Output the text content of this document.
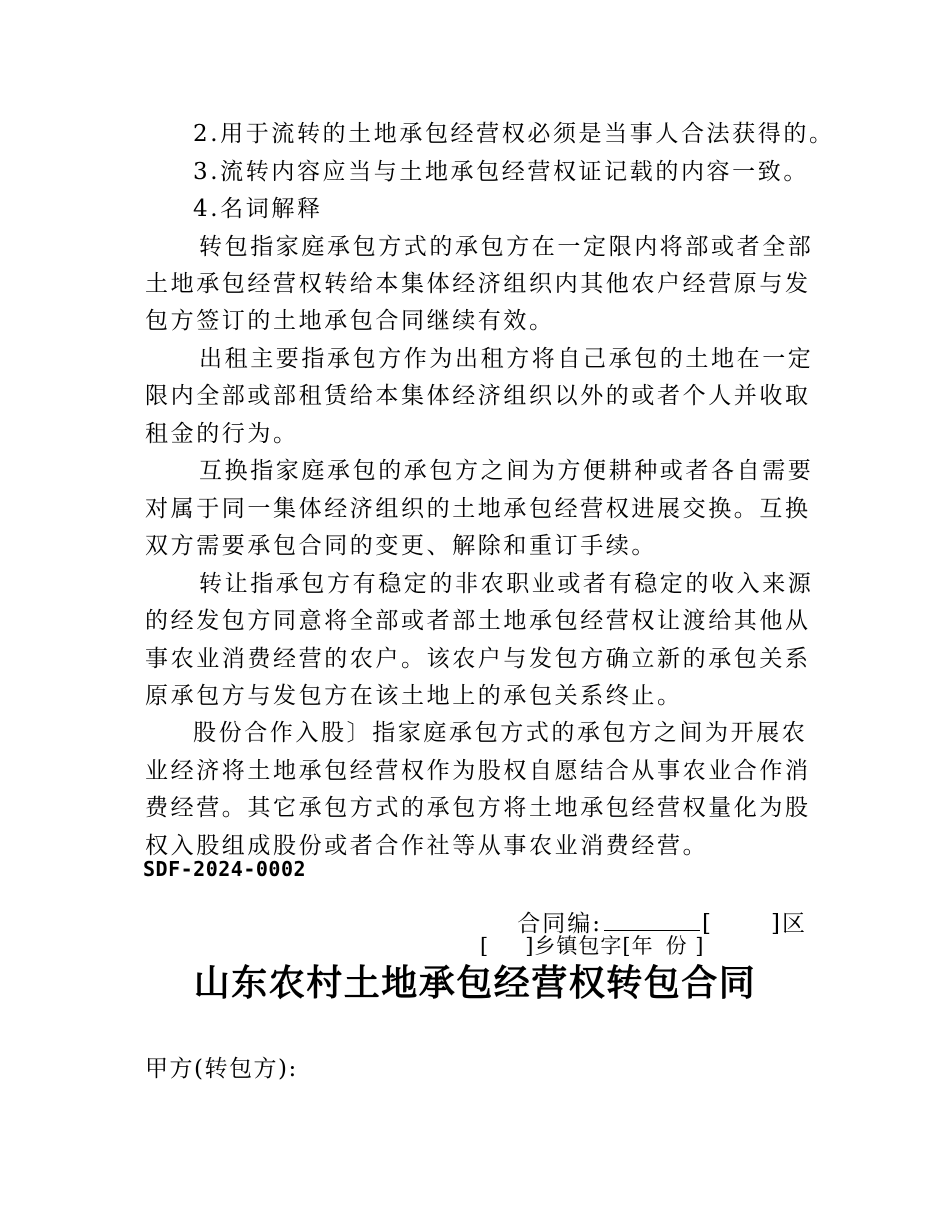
2.用于流转的土地承包经营权必须是当事人合法获得的。
3.流转内容应当与土地承包经营权证记载的内容一致。
4.名词解释
转包指家庭承包方式的承包方在一定限内将部或者全部
土地承包经营权转给本集体经济组织内其他农户经营原与发
包方签订的土地承包合同继续有效。
出租主要指承包方作为出租方将自己承包的土地在一定
限内全部或部租赁给本集体经济组织以外的或者个人并收取
租金的行为。
互换指家庭承包的承包方之间为方便耕种或者各自需要
对属于同一集体经济组织的土地承包经营权进展交换。互换
双方需要承包合同的变更、解除和重订手续。
转让指承包方有稳定的非农职业或者有稳定的收入来源
的经发包方同意将全部或者部土地承包经营权让渡给其他从
事农业消费经营的农户。该农户与发包方确立新的承包关系
原承包方与发包方在该土地上的承包关系终止。
股份合作入股〕指家庭承包方式的承包方之间为开展农
业经济将土地承包经营权作为股权自愿结合从事农业合作消
费经营。其它承包方式的承包方将土地承包经营权量化为股
权入股组成股份或者合作社等从事农业消费经营。
SDF-2024-0002
合同编:	[	]区
[ ]乡镇包字[年 份 ]
山东农村土地承包经营权转包合同
甲方(转包方):
